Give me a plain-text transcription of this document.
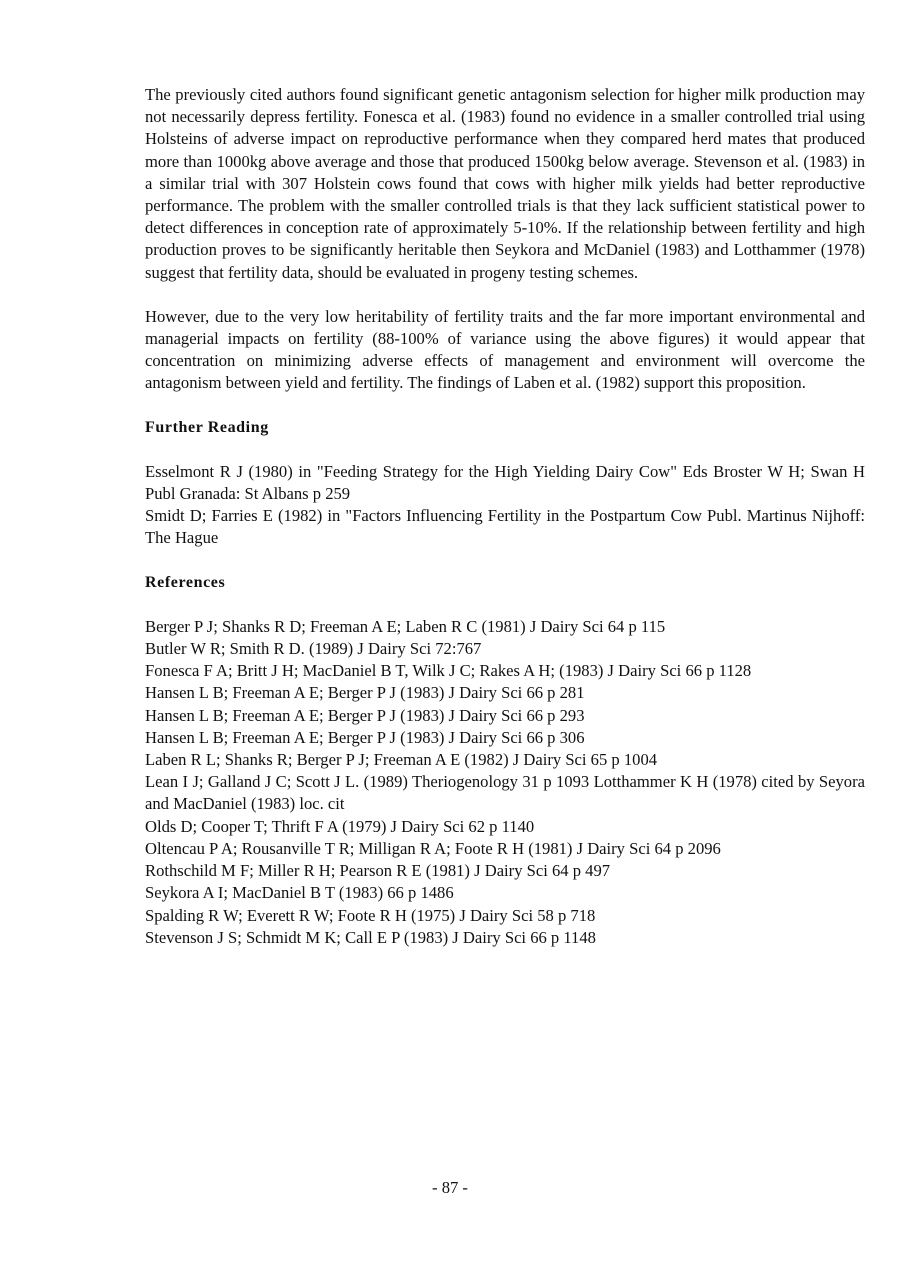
The previously cited authors found significant genetic antagonism selection for higher milk production may not necessarily depress fertility. Fonesca et al. (1983) found no evidence in a smaller controlled trial using Holsteins of adverse impact on reproductive performance when they compared herd mates that produced more than 1000kg above average and those that produced 1500kg below average. Stevenson et al. (1983) in a similar trial with 307 Holstein cows found that cows with higher milk yields had better reproductive performance. The problem with the smaller controlled trials is that they lack sufficient statistical power to detect differences in conception rate of approximately 5-10%. If the relationship between fertility and high production proves to be significantly heritable then Seykora and McDaniel (1983) and Lotthammer (1978) suggest that fertility data, should be evaluated in progeny testing schemes.

However, due to the very low heritability of fertility traits and the far more important environmental and managerial impacts on fertility (88-100% of variance using the above figures) it would appear that concentration on minimizing adverse effects of management and environment will overcome the antagonism between yield and fertility. The findings of Laben et al. (1982) support this proposition.

Further Reading

Esselmont R J (1980) in "Feeding Strategy for the High Yielding Dairy Cow" Eds Broster W H; Swan H Publ Granada: St Albans p 259

Smidt D; Farries E (1982) in "Factors Influencing Fertility in the Postpartum Cow Publ. Martinus Nijhoff: The Hague

References

Berger P J; Shanks R D; Freeman A E; Laben R C (1981) J Dairy Sci 64 p 115

Butler W R; Smith R D. (1989) J Dairy Sci 72:767

Fonesca F A; Britt J H; MacDaniel B T, Wilk J C; Rakes A H; (1983) J Dairy Sci 66 p 1128

Hansen L B; Freeman A E; Berger P J (1983) J Dairy Sci 66 p 281

Hansen L B; Freeman A E; Berger P J (1983) J Dairy Sci 66 p 293

Hansen L B; Freeman A E; Berger P J (1983) J Dairy Sci 66 p 306

Laben R L; Shanks R; Berger P J; Freeman A E (1982) J Dairy Sci 65 p 1004

Lean I J; Galland J C; Scott J L. (1989) Theriogenology 31 p 1093 Lotthammer K H (1978) cited by Seyora and MacDaniel (1983) loc. cit

Olds D; Cooper T; Thrift F A (1979) J Dairy Sci 62 p 1140

Oltencau P A; Rousanville T R; Milligan R A; Foote R H (1981) J Dairy Sci 64 p 2096

Rothschild M F; Miller R H; Pearson R E (1981) J Dairy Sci 64 p 497

Seykora A I; MacDaniel B T (1983) 66 p 1486

Spalding R W; Everett R W; Foote R H (1975) J Dairy Sci 58 p 718

Stevenson J S; Schmidt M K; Call E P (1983) J Dairy Sci 66 p 1148

- 87 -
